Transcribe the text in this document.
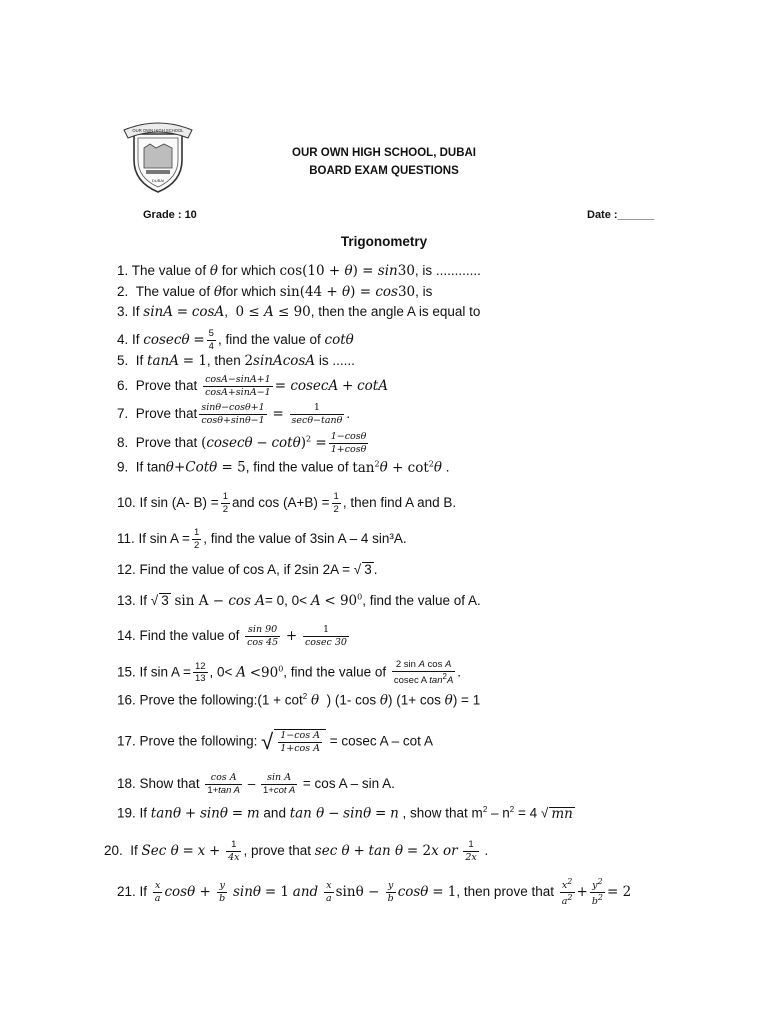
OUR OWN HIGH SCHOOL
DUBAI
OUR OWN HIGH SCHOOL, DUBAI
BOARD EXAM QUESTIONS
Grade : 10	Date :______
Trigonometry
1. The value of θ for which cos(10 + θ) = sin30, is ............
2.  The value of θfor which sin(44 + θ) = cos30, is
3. If sinA = cosA,  0 ≤ A ≤ 90, then the angle A is equal to
4. If $cosec\theta = \frac{5}{4}$ , find the value of cotθ
5.  If tanA = 1, then 2sinAcosA is ......
6.  Prove that $\frac{\cos A-\sin A+1}{\cos A+\sin A-1} = cosecA + \cot A$
7.  Prove that $\frac{\sin\theta-\cos\theta+1}{\cos\theta+\sin\theta-1} = \frac{1}{\sec\theta-\tan\theta}$ .
8.  Prove that $(cosec\theta - \cot\theta)^2 = \frac{1-\cos\theta}{1+\cos\theta}$
9.  If tanθ+Cotθ = 5, find the value of $\tan^2\theta + \cot^2\theta$ .
10. If sin (A- $B) = \frac{1}{2}$ and $\cos (A+B) = \frac{1}{2}$ , then find A and B.
11. If $\sin A = \frac{1}{2}$ , find the value of 3sin A – 4 sin³A.
12. Find the value of cos A, if 2sin 2A = √ 3 .
13. If √ 3 sin A − cos A= 0, $0< A < 90^0$, find the value of A.
14. Find the value of $\frac{\sin 90}{\cos 45} + \frac{1}{cosec 30}$
15. If $\sin A = \frac{12}{13}$ , $0< A <90^0$, find the value of $\frac{\text{2 sin A cos A}}{cosec A \tan^2A}$ .
16. Prove the following:(1 + $\cot^2 \theta$  ) (1- cos θ) (1+ cos θ) = 1
17. Prove the following: √ $\frac{\text{1−cos A}}{\text{1+cos A}} = cosec$ A – cot A
18. Show that $\frac{\text{cos A}}{\text{1+tan A}} - \frac{\text{sin A}}{\text{1+cot A}} = \cos A - \sin A$.
19. If tanθ + sinθ = m and tan θ − sinθ = n , show that $m^2 - n^2 = 4$ √ mn
20.  If Sec $\theta = x + \frac{1}{4x}$ , prove that sec θ + tan θ = 2x or $\frac{1}{2x}$ .
21. If $\frac{x}{a}$ $\cos\theta + \frac{y}{b}$ sinθ = 1 and $\frac{x}{a}$ $\sin\theta - \frac{y}{b}$ cosθ = 1, then prove that $\frac{x^2}{a^2} + \frac{y^2}{b^2} = 2$
